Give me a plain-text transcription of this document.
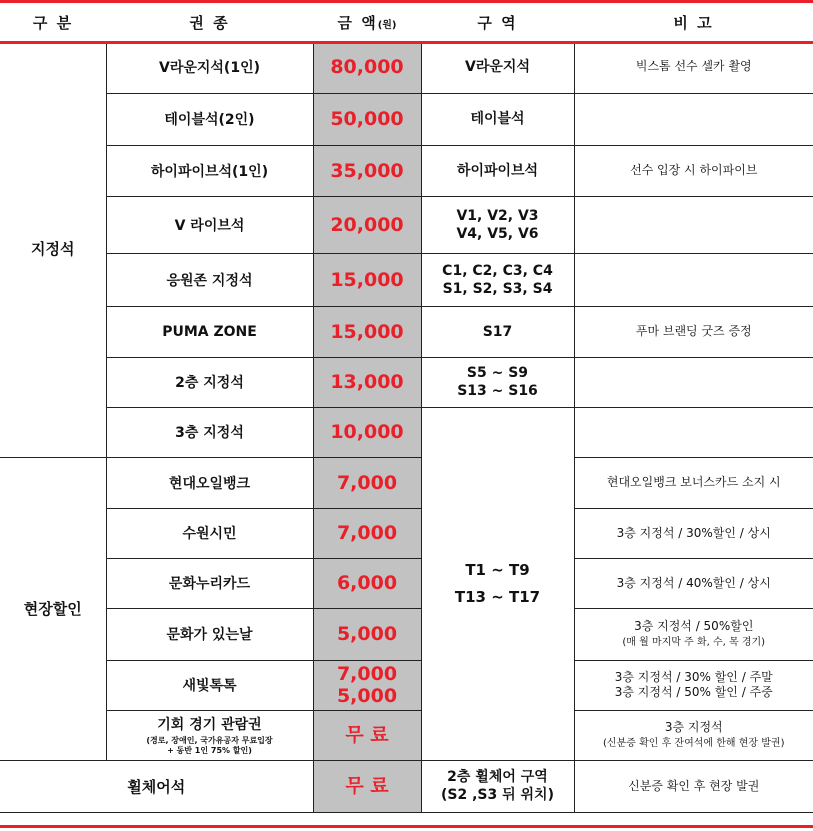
구 분	권 종	금 액(원)	구 역	비 고
지정석	V라운지석(1인)	80,000	V라운지석	빅스톰 선수 셀카 촬영
	테이블석(2인)	50,000	테이블석	
	하이파이브석(1인)	35,000	하이파이브석	선수 입장 시 하이파이브
	V 라이브석	20,000	V1, V2, V3
V4, V5, V6	
	응원존 지정석	15,000	C1, C2, C3, C4
S1, S2, S3, S4	
	PUMA ZONE	15,000	S17	푸마 브랜딩 굿즈 증정
	2층 지정석	13,000	S5 ~ S9
S13 ~ S16	
	3층 지정석	10,000	T1 ~ T9
T13 ~ T17	
현장할인	현대오일뱅크	7,000		현대오일뱅크 보너스카드 소지 시
	수원시민	7,000		3층 지정석 / 30%할인 / 상시
	문화누리카드	6,000		3층 지정석 / 40%할인 / 상시
	문화가 있는날	5,000		3층 지정석 / 50%할인
(매 월 마지막 주 화, 수, 목 경기)
	새빛톡톡	7,000
5,000		3층 지정석 / 30% 할인 / 주말
3층 지정석 / 50% 할인 / 주중
	기회 경기 관람권
(경로, 장애인, 국가유공자 무료입장
+ 동반 1인 75% 할인)	무 료		3층 지정석
(신분증 확인 후 잔여석에 한해 현장 발권)
휠체어석		무 료	2층 휠체어 구역
(S2 ,S3 뒤 위치)	신분증 확인 후 현장 발권
